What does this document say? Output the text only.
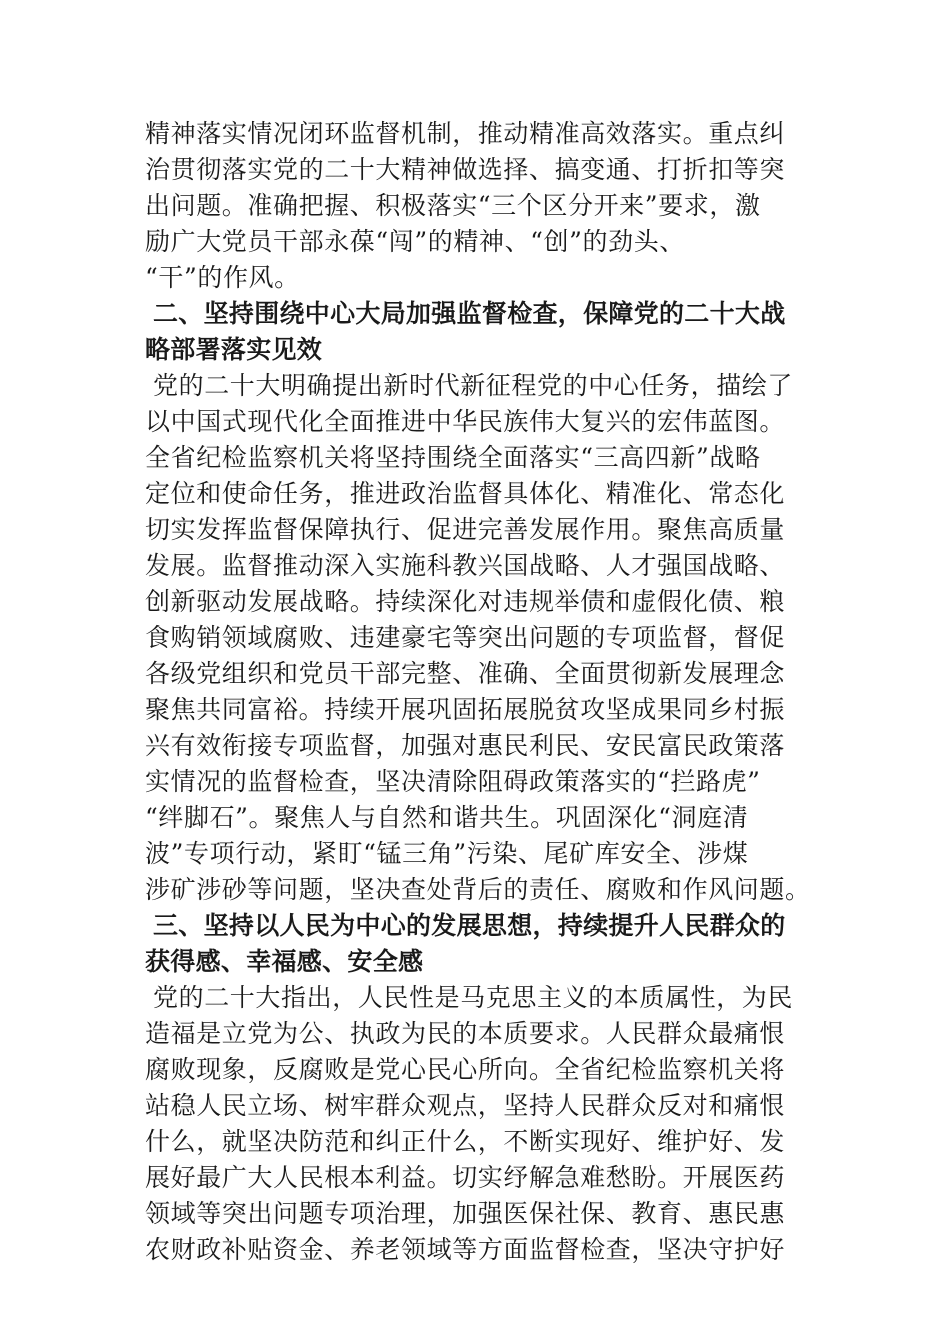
精神落实情况闭环监督机制，推动精准高效落实。重点纠
治贯彻落实党的二十大精神做选择、搞变通、打折扣等突
出问题。准确把握、积极落实“三个区分开来”要求，激
励广大党员干部永葆“闯”的精神、“创”的劲头、
“干”的作风。
二、坚持围绕中心大局加强监督检查，保障党的二十大战
略部署落实见效
党的二十大明确提出新时代新征程党的中心任务，描绘了
以中国式现代化全面推进中华民族伟大复兴的宏伟蓝图。
全省纪检监察机关将坚持围绕全面落实“三高四新”战略
定位和使命任务，推进政治监督具体化、精准化、常态化
切实发挥监督保障执行、促进完善发展作用。聚焦高质量
发展。监督推动深入实施科教兴国战略、人才强国战略、
创新驱动发展战略。持续深化对违规举债和虚假化债、粮
食购销领域腐败、违建豪宅等突出问题的专项监督，督促
各级党组织和党员干部完整、准确、全面贯彻新发展理念
聚焦共同富裕。持续开展巩固拓展脱贫攻坚成果同乡村振
兴有效衔接专项监督，加强对惠民利民、安民富民政策落
实情况的监督检查，坚决清除阻碍政策落实的“拦路虎”
“绊脚石”。聚焦人与自然和谐共生。巩固深化“洞庭清
波”专项行动，紧盯“锰三角”污染、尾矿库安全、涉煤
涉矿涉砂等问题，坚决查处背后的责任、腐败和作风问题。
三、坚持以人民为中心的发展思想，持续提升人民群众的
获得感、幸福感、安全感
党的二十大指出，人民性是马克思主义的本质属性，为民
造福是立党为公、执政为民的本质要求。人民群众最痛恨
腐败现象，反腐败是党心民心所向。全省纪检监察机关将
站稳人民立场、树牢群众观点，坚持人民群众反对和痛恨
什么，就坚决防范和纠正什么，不断实现好、维护好、发
展好最广大人民根本利益。切实纾解急难愁盼。开展医药
领域等突出问题专项治理，加强医保社保、教育、惠民惠
农财政补贴资金、养老领域等方面监督检查，坚决守护好
